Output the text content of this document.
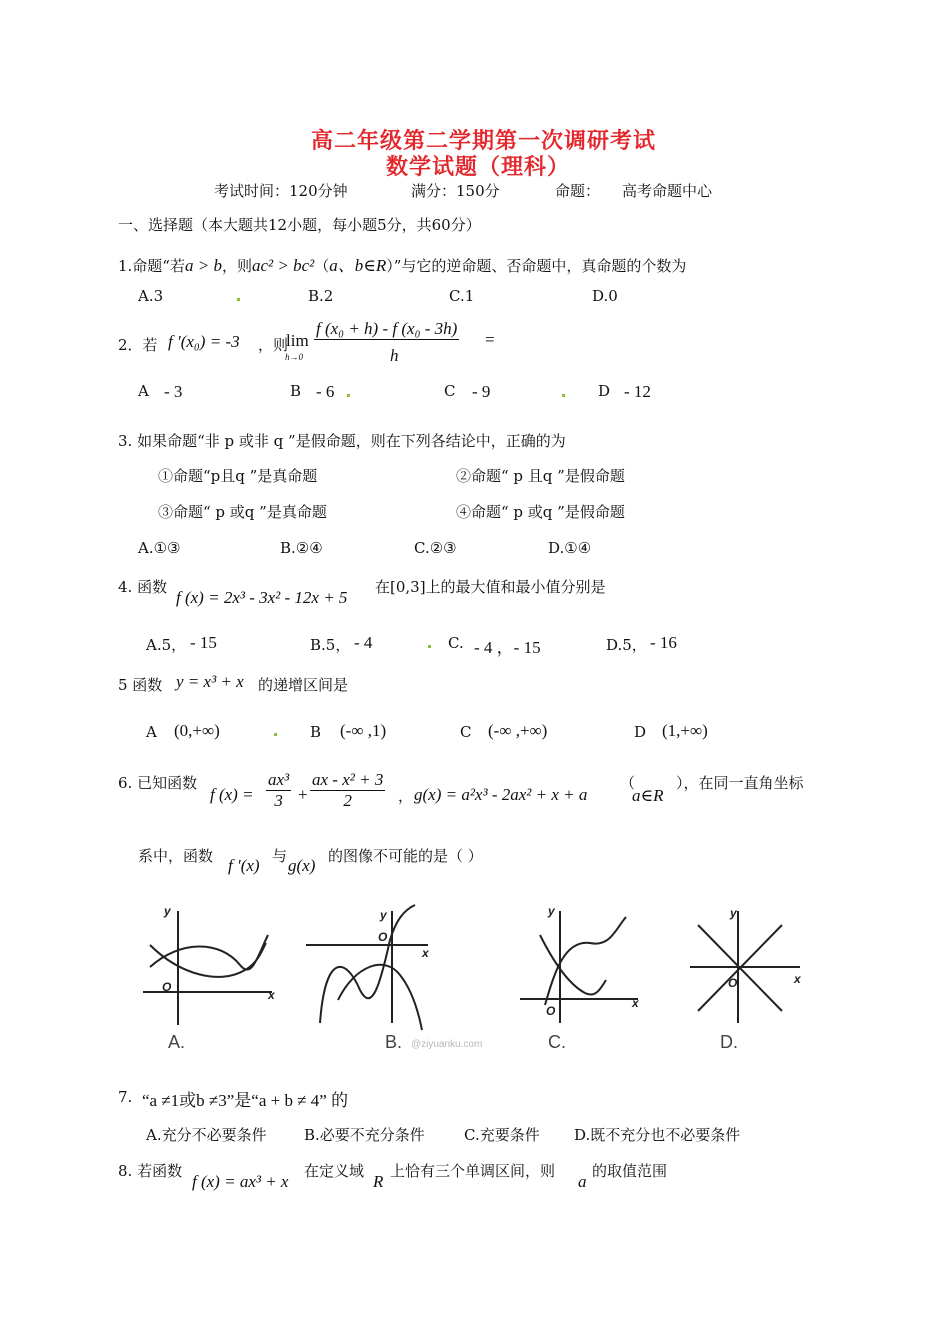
高二年级第二学期第一次调研考试
数学试题（理科）
考试时间：120分钟	满分：150分	命题： 高考命题中心
一、选择题（本大题共12小题，每小题5分，共60分）
1.命题“若a > b，则ac² > bc²（a、b∈R）”与它的逆命题、否命题中，真命题的个数为
A.3	B.2	C.1	D.0
2．若 f ′(x₀) = -3 ，则
lim
h→0
f (x₀ + h) - f (x₀ - 3h)
h
=
A - 3	B - 6	C - 9	D - 12
3. 如果命题“非 p 或非 q ”是假命题，则在下列各结论中，正确的为
①命题“p且q ”是真命题	②命题“ p 且q ”是假命题
③命题“ p 或q ”是真命题	④命题“ p 或q ”是假命题
A.①③	B.②④	C.②③	D.①④
4. 函数
f (x) = 2x³ - 3x² - 12x + 5
在[0,3]上的最大值和最小值分别是
A.5， - 15	B.5， - 4	C. - 4 ，- 15	D.5， - 16
5 函数 y = x³ + x 的递增区间是
A (0,+∞)	B (-∞ ,1)	C (-∞ ,+∞)	D (1,+∞)
6. 已知函数
f $(x) = \frac{\text{ax³}}{3} + \frac{\text{ax - x² + 3}}{2}$ ， g(x) = a²x³ - 2ax² + x + a
（
a∈R
），在同一直角坐标
系中，函数 f ′(x) 与 g(x) 的图像不可能的是（ ）
y
x
O
y
x
O
y
x
O
y
x
O
A.	B.	C.	D.
@ziyuanku.com
7. “a ≠1或b ≠3”是“a + b ≠ 4” 的
A.充分不必要条件 B.必要不充分条件	C.充要条件 D.既不充分也不必要条件
8. 若函数
f (x) = ax³ + x
在定义域
R
上恰有三个单调区间，则
a
的取值范围
